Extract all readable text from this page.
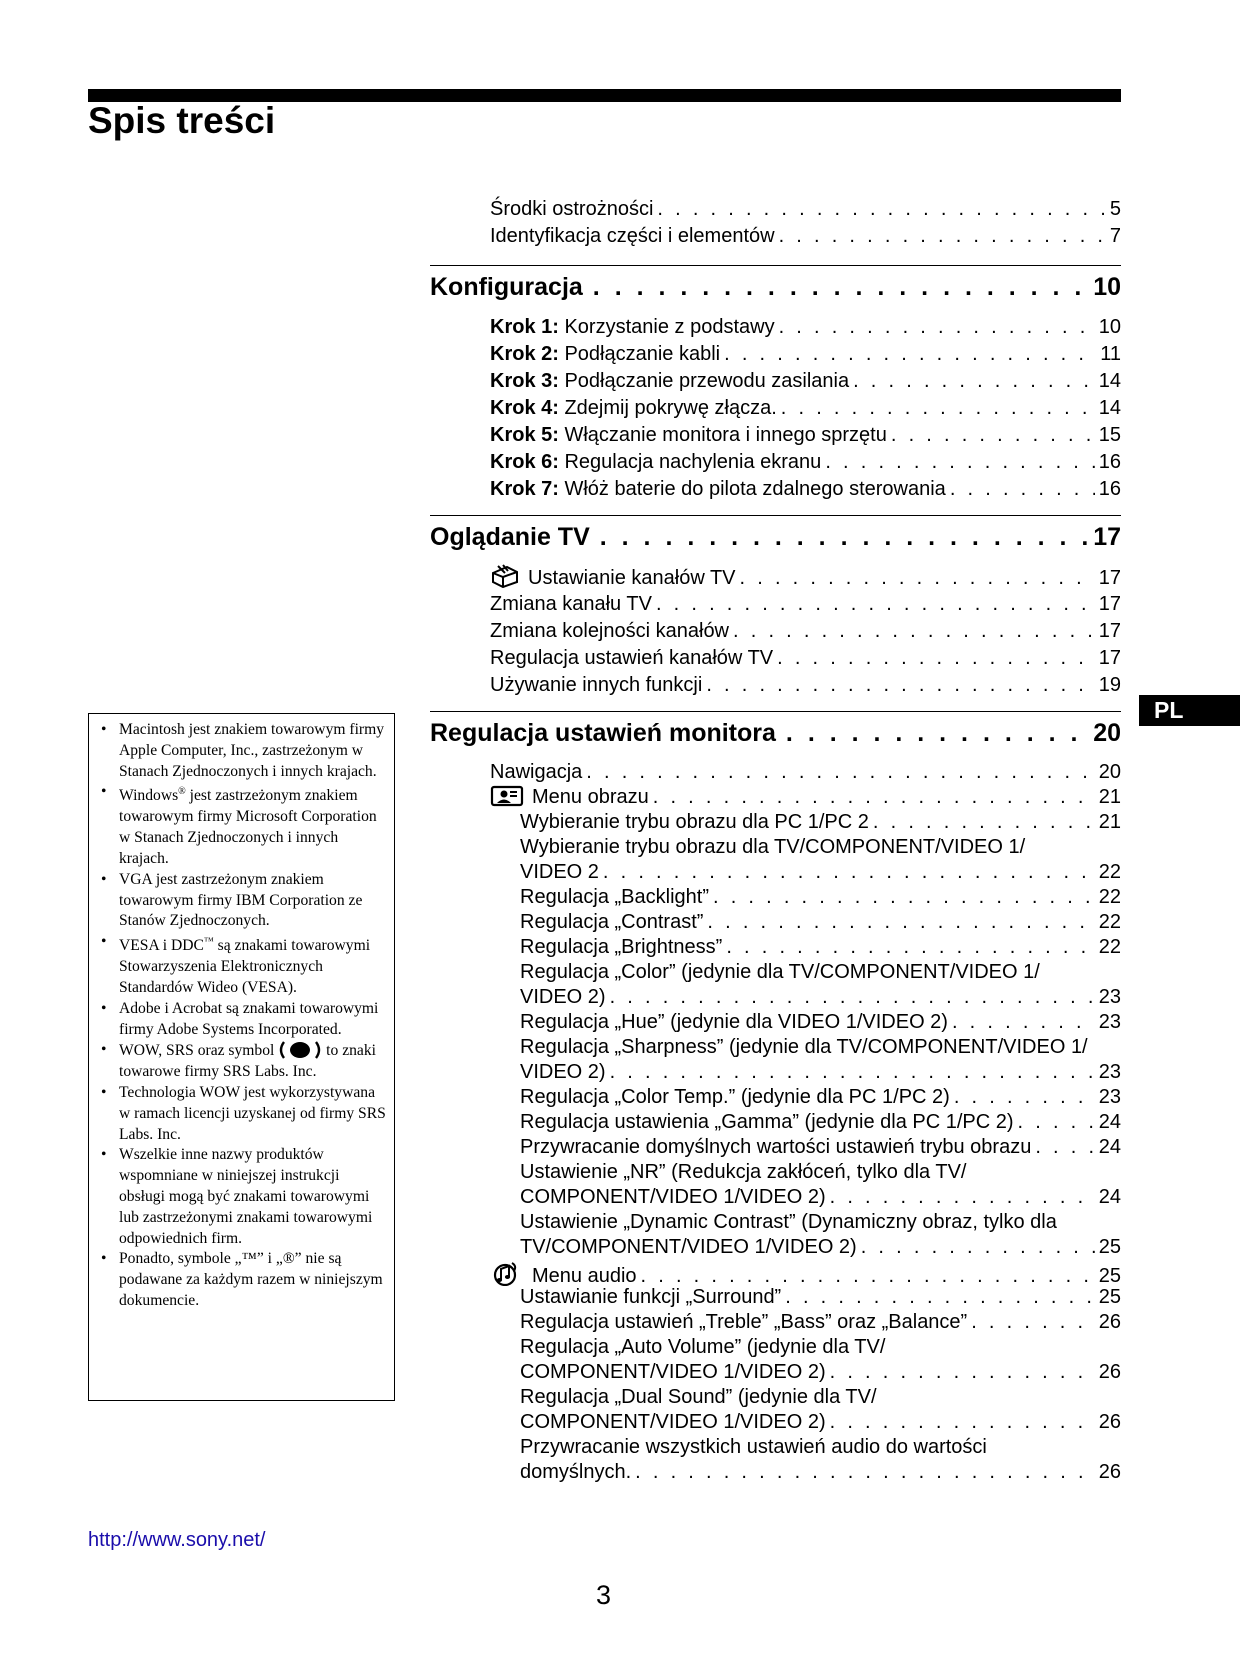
Spis treści
Środki ostrożności . . .	5
Identyfikacja części i elementów . . .	7
Konfiguracja . . .	10
Krok 1: Korzystanie z podstawy . . .	10
Krok 2: Podłączanie kabli . . .	11
Krok 3: Podłączanie przewodu zasilania . . .	14
Krok 4: Zdejmij pokrywę złącza. . . .	14
Krok 5: Włączanie monitora i innego sprzętu . . .	15
Krok 6: Regulacja nachylenia ekranu . . .	16
Krok 7: Włóż baterie do pilota zdalnego sterowania . . .	16
Oglądanie TV . . .	17
Ustawianie kanałów TV . . .	17
Zmiana kanału TV . . .	17
Zmiana kolejności kanałów . . .	17
Regulacja ustawień kanałów TV . . .	17
Używanie innych funkcji . . .	19
Regulacja ustawień monitora . . .	20
Nawigacja . . .	20
Menu obrazu . . .	21
Wybieranie trybu obrazu dla PC 1/PC 2 . . .	21
Wybieranie trybu obrazu dla TV/COMPONENT/VIDEO 1/
VIDEO 2 . . .	22
Regulacja „Backlight” . . .	22
Regulacja „Contrast” . . .	22
Regulacja „Brightness” . . .	22
Regulacja „Color” (jedynie dla TV/COMPONENT/VIDEO 1/
VIDEO 2) . . .	23
Regulacja „Hue” (jedynie dla VIDEO 1/VIDEO 2) . . .	23
Regulacja „Sharpness” (jedynie dla TV/COMPONENT/VIDEO 1/
VIDEO 2) . . .	23
Regulacja „Color Temp.” (jedynie dla PC 1/PC 2) . . .	23
Regulacja ustawienia „Gamma” (jedynie dla PC 1/PC 2) . . .	24
Przywracanie domyślnych wartości ustawień trybu obrazu . . .	24
Ustawienie „NR” (Redukcja zakłóceń, tylko dla TV/
COMPONENT/VIDEO 1/VIDEO 2) . . .	24
Ustawienie „Dynamic Contrast” (Dynamiczny obraz, tylko dla
TV/COMPONENT/VIDEO 1/VIDEO 2) . . .	25
Menu audio . . .	25
Ustawianie funkcji „Surround” . . .	25
Regulacja ustawień „Treble” „Bass” oraz „Balance” . . .	26
Regulacja „Auto Volume” (jedynie dla TV/
COMPONENT/VIDEO 1/VIDEO 2) . . .	26
Regulacja „Dual Sound” (jedynie dla TV/
COMPONENT/VIDEO 1/VIDEO 2) . . .	26
Przywracanie wszystkich ustawień audio do wartości
domyślnych. . . .	26
PL
• Macintosh jest znakiem towarowym firmy Apple Computer, Inc., zastrzeżonym w Stanach Zjednoczonych i innych krajach.
• Windows® jest zastrzeżonym znakiem towarowym firmy Microsoft Corporation w Stanach Zjednoczonych i innych krajach.
• VGA jest zastrzeżonym znakiem towarowym firmy IBM Corporation ze Stanów Zjednoczonych.
• VESA i DDC™ są znakami towarowymi Stowarzyszenia Elektronicznych Standardów Wideo (VESA).
• Adobe i Acrobat są znakami towarowymi firmy Adobe Systems Incorporated.
• WOW, SRS oraz symbol	to znaki towarowe firmy SRS Labs. Inc.
• Technologia WOW jest wykorzystywana w ramach licencji uzyskanej od firmy SRS Labs. Inc.
• Wszelkie inne nazwy produktów wspomniane w niniejszej instrukcji obsługi mogą być znakami towarowymi lub zastrzeżonymi znakami towarowymi odpowiednich firm.
• Ponadto, symbole „™” i „®” nie są podawane za każdym razem w niniejszym dokumencie.
http://www.sony.net/
3
